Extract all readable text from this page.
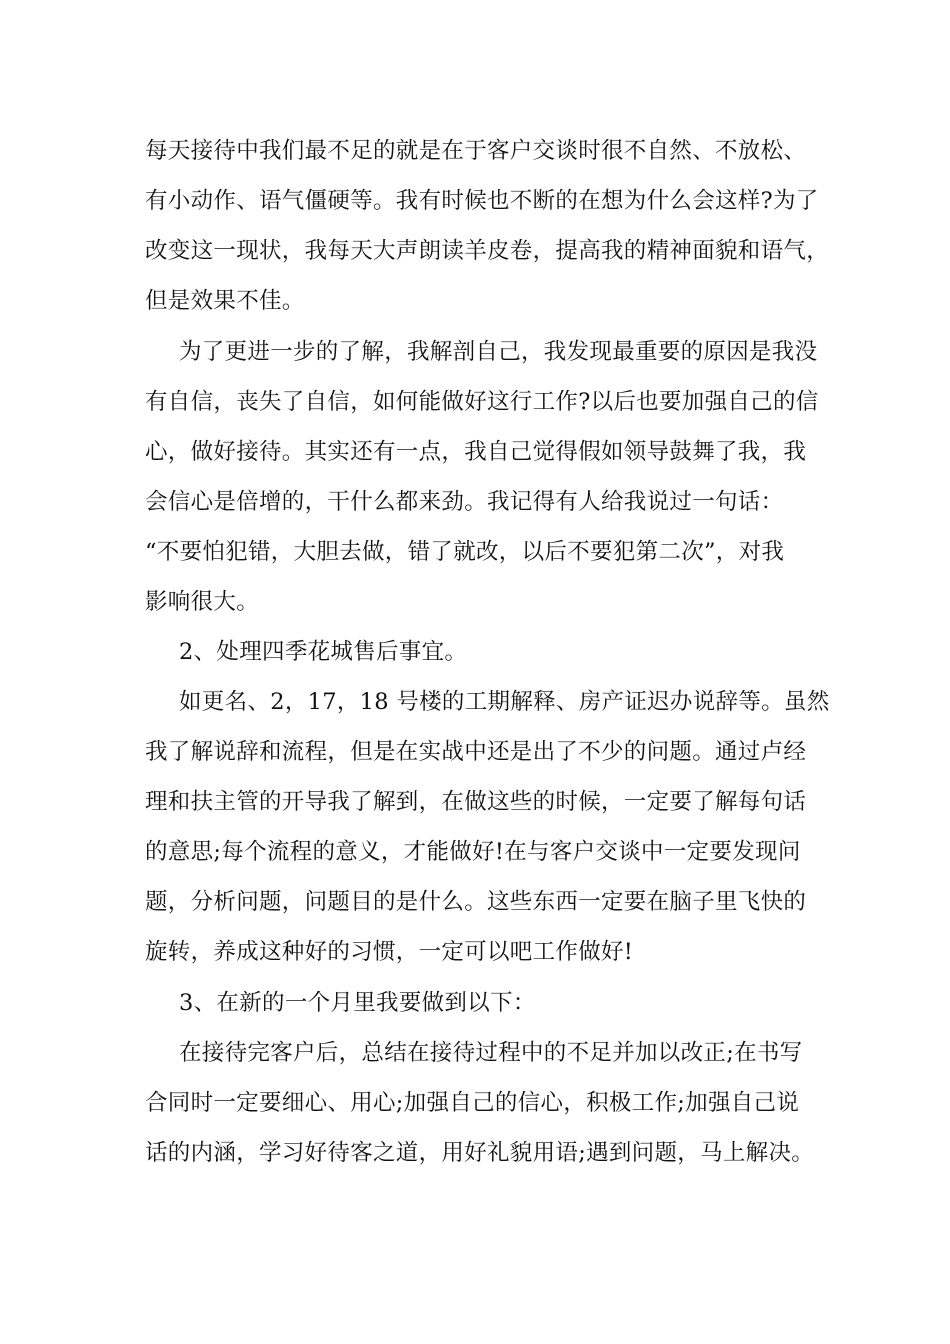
每天接待中我们最不足的就是在于客户交谈时很不自然、不放松、
有小动作、语气僵硬等。我有时候也不断的在想为什么会这样?为了
改变这一现状，我每天大声朗读羊皮卷，提高我的精神面貌和语气，
但是效果不佳。
为了更进一步的了解，我解剖自己，我发现最重要的原因是我没
有自信，丧失了自信，如何能做好这行工作?以后也要加强自己的信
心，做好接待。其实还有一点，我自己觉得假如领导鼓舞了我，我
会信心是倍增的，干什么都来劲。我记得有人给我说过一句话：
“不要怕犯错，大胆去做，错了就改，以后不要犯第二次”，对我
影响很大。
2、处理四季花城售后事宜。
如更名、2，17，18 号楼的工期解释、房产证迟办说辞等。虽然
我了解说辞和流程，但是在实战中还是出了不少的问题。通过卢经
理和扶主管的开导我了解到，在做这些的时候，一定要了解每句话
的意思;每个流程的意义，才能做好!在与客户交谈中一定要发现问
题，分析问题，问题目的是什么。这些东西一定要在脑子里飞快的
旋转，养成这种好的习惯，一定可以吧工作做好!
3、在新的一个月里我要做到以下：
在接待完客户后，总结在接待过程中的不足并加以改正;在书写
合同时一定要细心、用心;加强自己的信心，积极工作;加强自己说
话的内涵，学习好待客之道，用好礼貌用语;遇到问题，马上解决。
